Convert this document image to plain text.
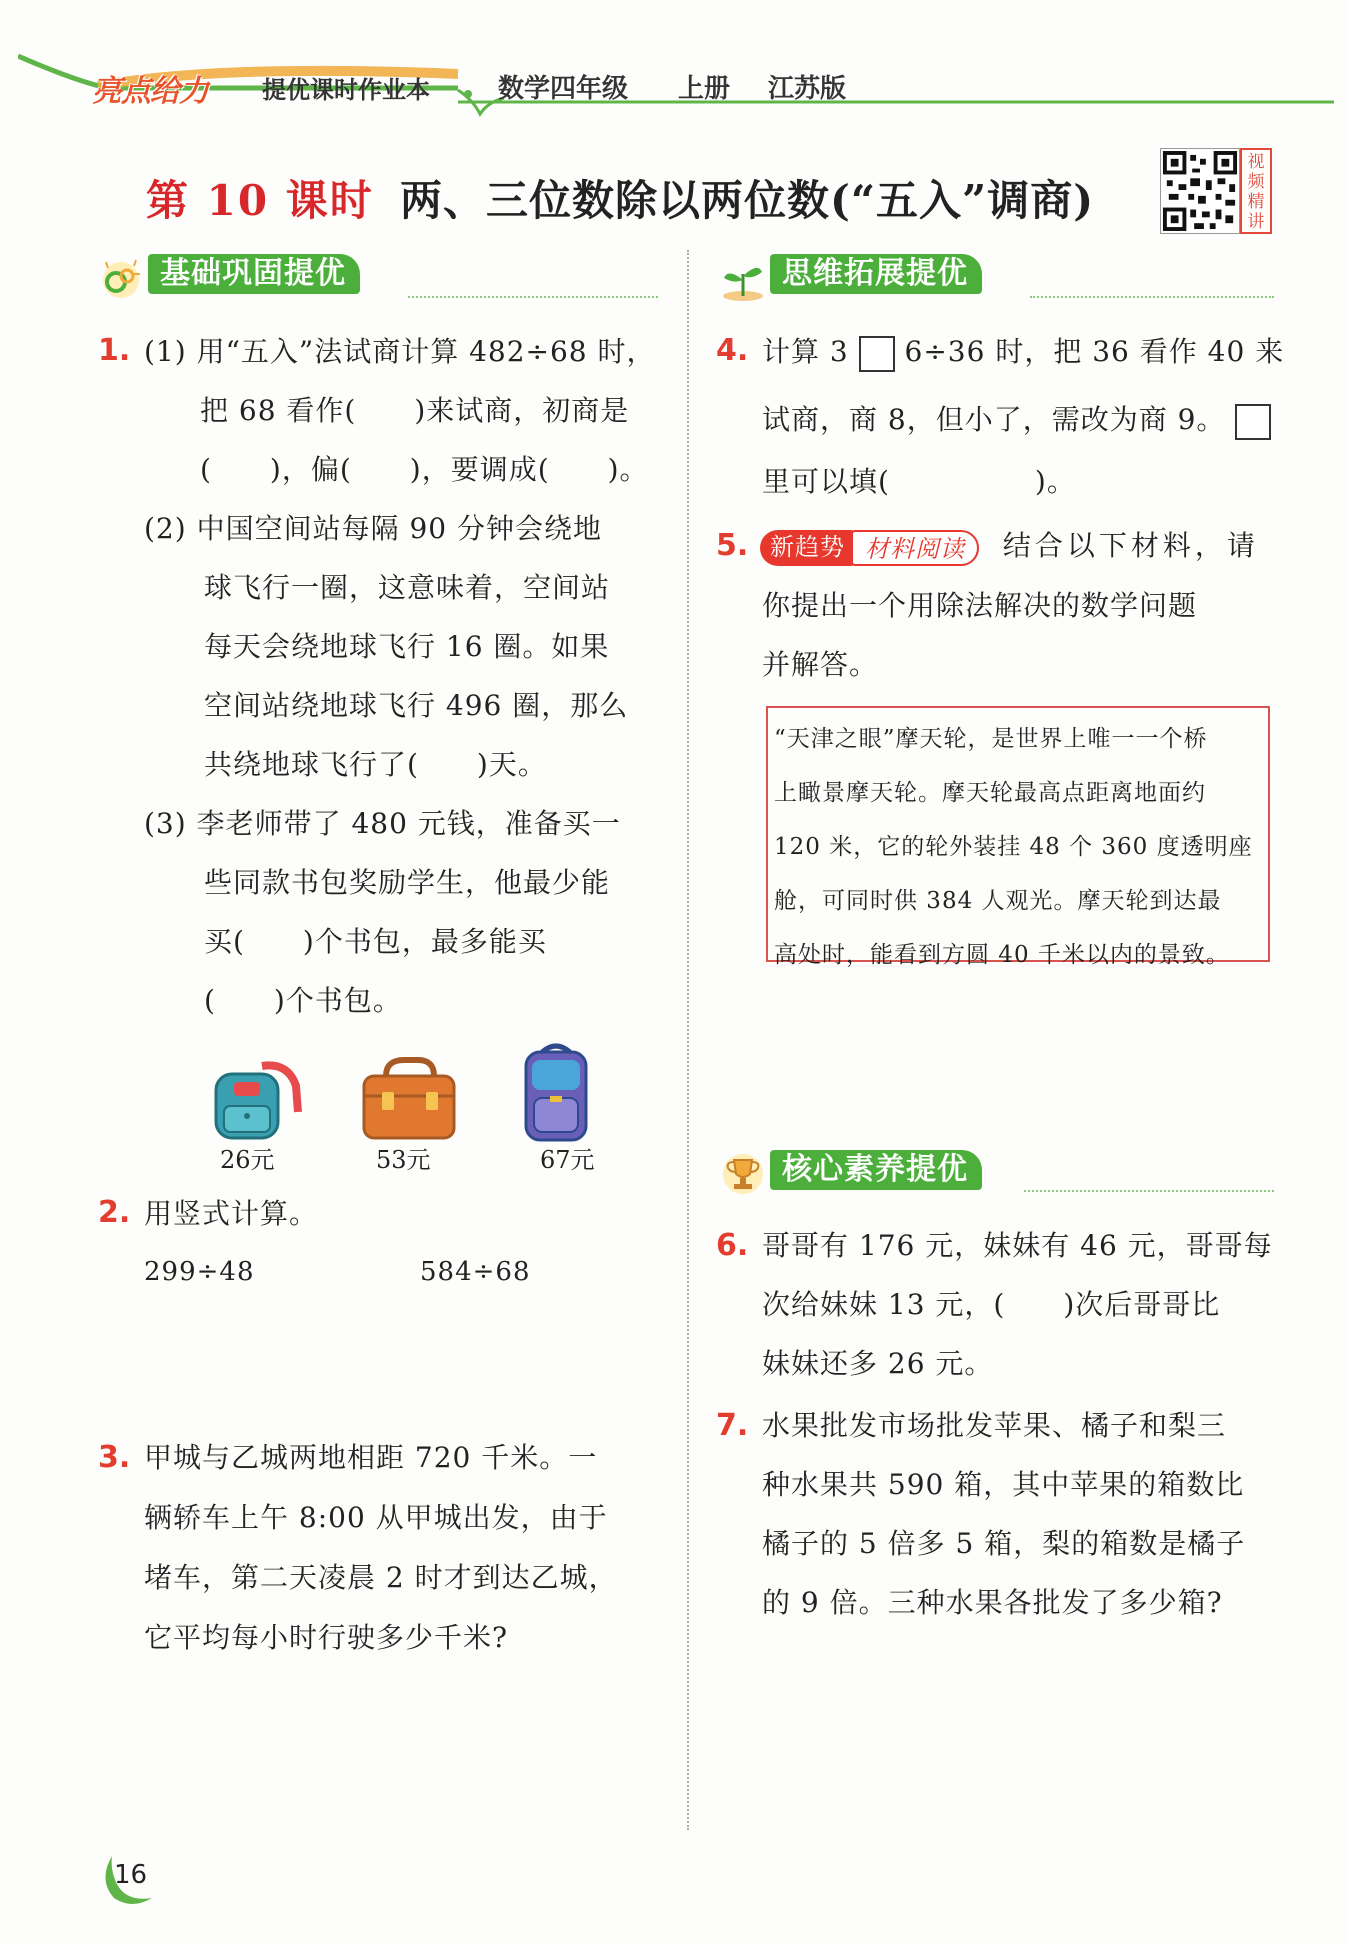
亮点给力 提优课时作业本	数学四年级 上册 江苏版
第 10 课时 两、三位数除以两位数(“五入”调商)
视频精讲
基础巩固提优	思维拓展提优
核心素养提优
1. (1) 用“五入”法试商计算 482÷68 时，
把 68 看作(　　)来试商，初商是
(　　)，偏(　　)，要调成(　　)。
(2) 中国空间站每隔 90 分钟会绕地
球飞行一圈，这意味着，空间站
每天会绕地球飞行 16 圈。如果
空间站绕地球飞行 496 圈，那么
共绕地球飞行了(　　)天。
(3) 李老师带了 480 元钱，准备买一
些同款书包奖励学生，他最少能
买(　　)个书包，最多能买
(　　)个书包。
26元	53元	67元
2. 用竖式计算。
299÷48	584÷68
3. 甲城与乙城两地相距 720 千米。一
辆轿车上午 8:00 从甲城出发，由于
堵车，第二天凌晨 2 时才到达乙城，
它平均每小时行驶多少千米?
4. 计算 3 6÷36 时，把 36 看作 40 来
试商，商 8，但小了，需改为商 9。
里可以填(　　　　　)。
5. 新趋势 材料阅读 结合以下材料，请
你提出一个用除法解决的数学问题
并解答。
“天津之眼”摩天轮，是世界上唯一一个桥
上瞰景摩天轮。摩天轮最高点距离地面约
120 米，它的轮外装挂 48 个 360 度透明座
舱，可同时供 384 人观光。摩天轮到达最
高处时，能看到方圆 40 千米以内的景致。
6. 哥哥有 176 元，妹妹有 46 元，哥哥每
次给妹妹 13 元，(　　)次后哥哥比
妹妹还多 26 元。
7. 水果批发市场批发苹果、橘子和梨三
种水果共 590 箱，其中苹果的箱数比
橘子的 5 倍多 5 箱，梨的箱数是橘子
的 9 倍。三种水果各批发了多少箱?
16
